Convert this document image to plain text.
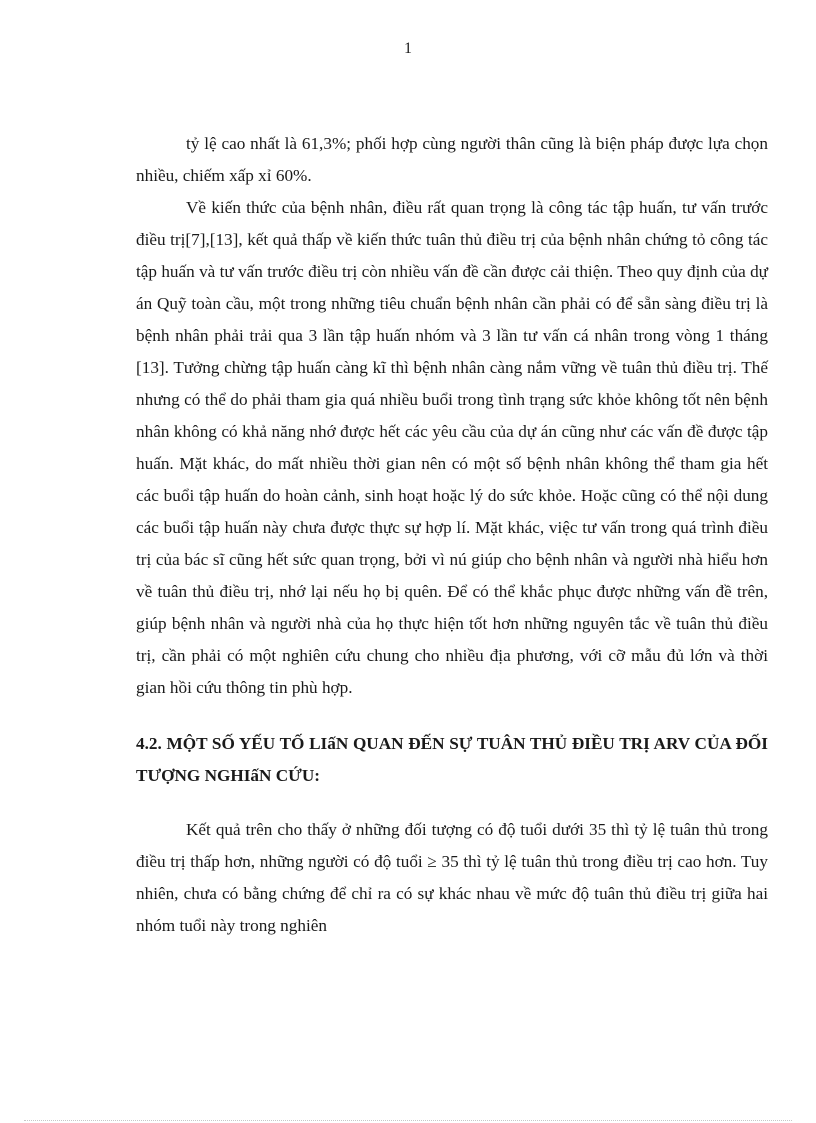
1

tỷ lệ cao nhất là 61,3%; phối hợp cùng người thân cũng là biện pháp được lựa chọn nhiều, chiếm xấp xỉ 60%.

Về kiến thức của bệnh nhân, điều rất quan trọng là công tác tập huấn, tư vấn trước điều trị[7],[13], kết quả thấp về kiến thức tuân thủ điều trị của bệnh nhân chứng tỏ công tác tập huấn và tư vấn trước điều trị còn nhiều vấn đề cần được cải thiện. Theo quy định của dự án Quỹ toàn cầu, một trong những tiêu chuẩn bệnh nhân cần phải có để sẵn sàng điều trị là bệnh nhân phải trải qua 3 lần tập huấn nhóm và 3 lần tư vấn cá nhân trong vòng 1 tháng [13]. Tưởng chừng tập huấn càng kĩ thì bệnh nhân càng nắm vững về tuân thủ điều trị. Thế nhưng có thể do phải tham gia quá nhiều buổi trong tình trạng sức khỏe không tốt nên bệnh nhân không có khả năng nhớ được hết các yêu cầu của dự án cũng như các vấn đề được tập huấn. Mặt khác, do mất nhiều thời gian nên có một số bệnh nhân không thể tham gia hết các buổi tập huấn do hoàn cảnh, sinh hoạt hoặc lý do sức khỏe. Hoặc cũng có thể nội dung các buổi tập huấn này chưa được thực sự hợp lí. Mặt khác, việc tư vấn trong quá trình điều trị của bác sĩ cũng hết sức quan trọng, bởi vì nú giúp cho bệnh nhân và người nhà hiểu hơn về tuân thủ điều trị, nhớ lại nếu họ bị quên. Để có thể khắc phục được những vấn đề trên, giúp bệnh nhân và người nhà của họ thực hiện tốt hơn những nguyên tắc về tuân thủ điều trị, cần phải có một nghiên cứu chung cho nhiều địa phương, với cỡ mẫu đủ lớn và thời gian hồi cứu thông tin phù hợp.

4.2. MỘT SỐ YẾU TỐ LIấN QUAN ĐẾN SỰ TUÂN THỦ ĐIỀU TRỊ ARV CỦA ĐỐI TƯỢNG NGHIấN CỨU:

Kết quả trên cho thấy ở những đối tượng có độ tuổi dưới 35 thì tỷ lệ tuân thủ trong điều trị thấp hơn, những người có độ tuổi ≥ 35 thì tỷ lệ tuân thủ trong điều trị cao hơn. Tuy nhiên, chưa có bằng chứng để chỉ ra có sự khác nhau về mức độ tuân thủ điều trị giữa hai nhóm tuổi này trong nghiên
